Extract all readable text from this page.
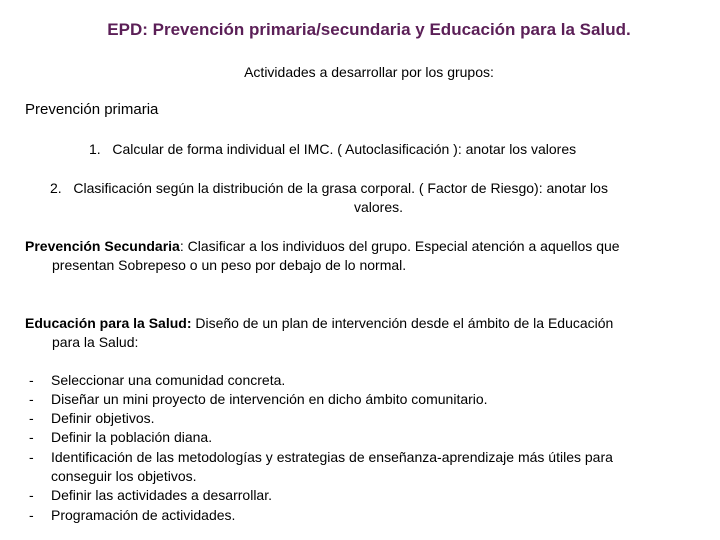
EPD: Prevención primaria/secundaria y Educación para la Salud.
Actividades a desarrollar por los grupos:
Prevención primaria
1. Calcular de forma individual el IMC. ( Autoclasificación ): anotar los valores
2. Clasificación según la distribución de la grasa corporal. ( Factor de Riesgo): anotar los
valores.
Prevención Secundaria: Clasificar a los individuos del grupo. Especial atención a aquellos que
presentan Sobrepeso o un peso por debajo de lo normal.
Educación para la Salud: Diseño de un plan de intervención desde el ámbito de la Educación
para la Salud:
- Seleccionar una comunidad concreta.
- Diseñar un mini proyecto de intervención en dicho ámbito comunitario.
- Definir objetivos.
- Definir la población diana.
- Identificación de las metodologías y estrategias de enseñanza-aprendizaje más útiles para
conseguir los objetivos.
- Definir las actividades a desarrollar.
- Programación de actividades.
